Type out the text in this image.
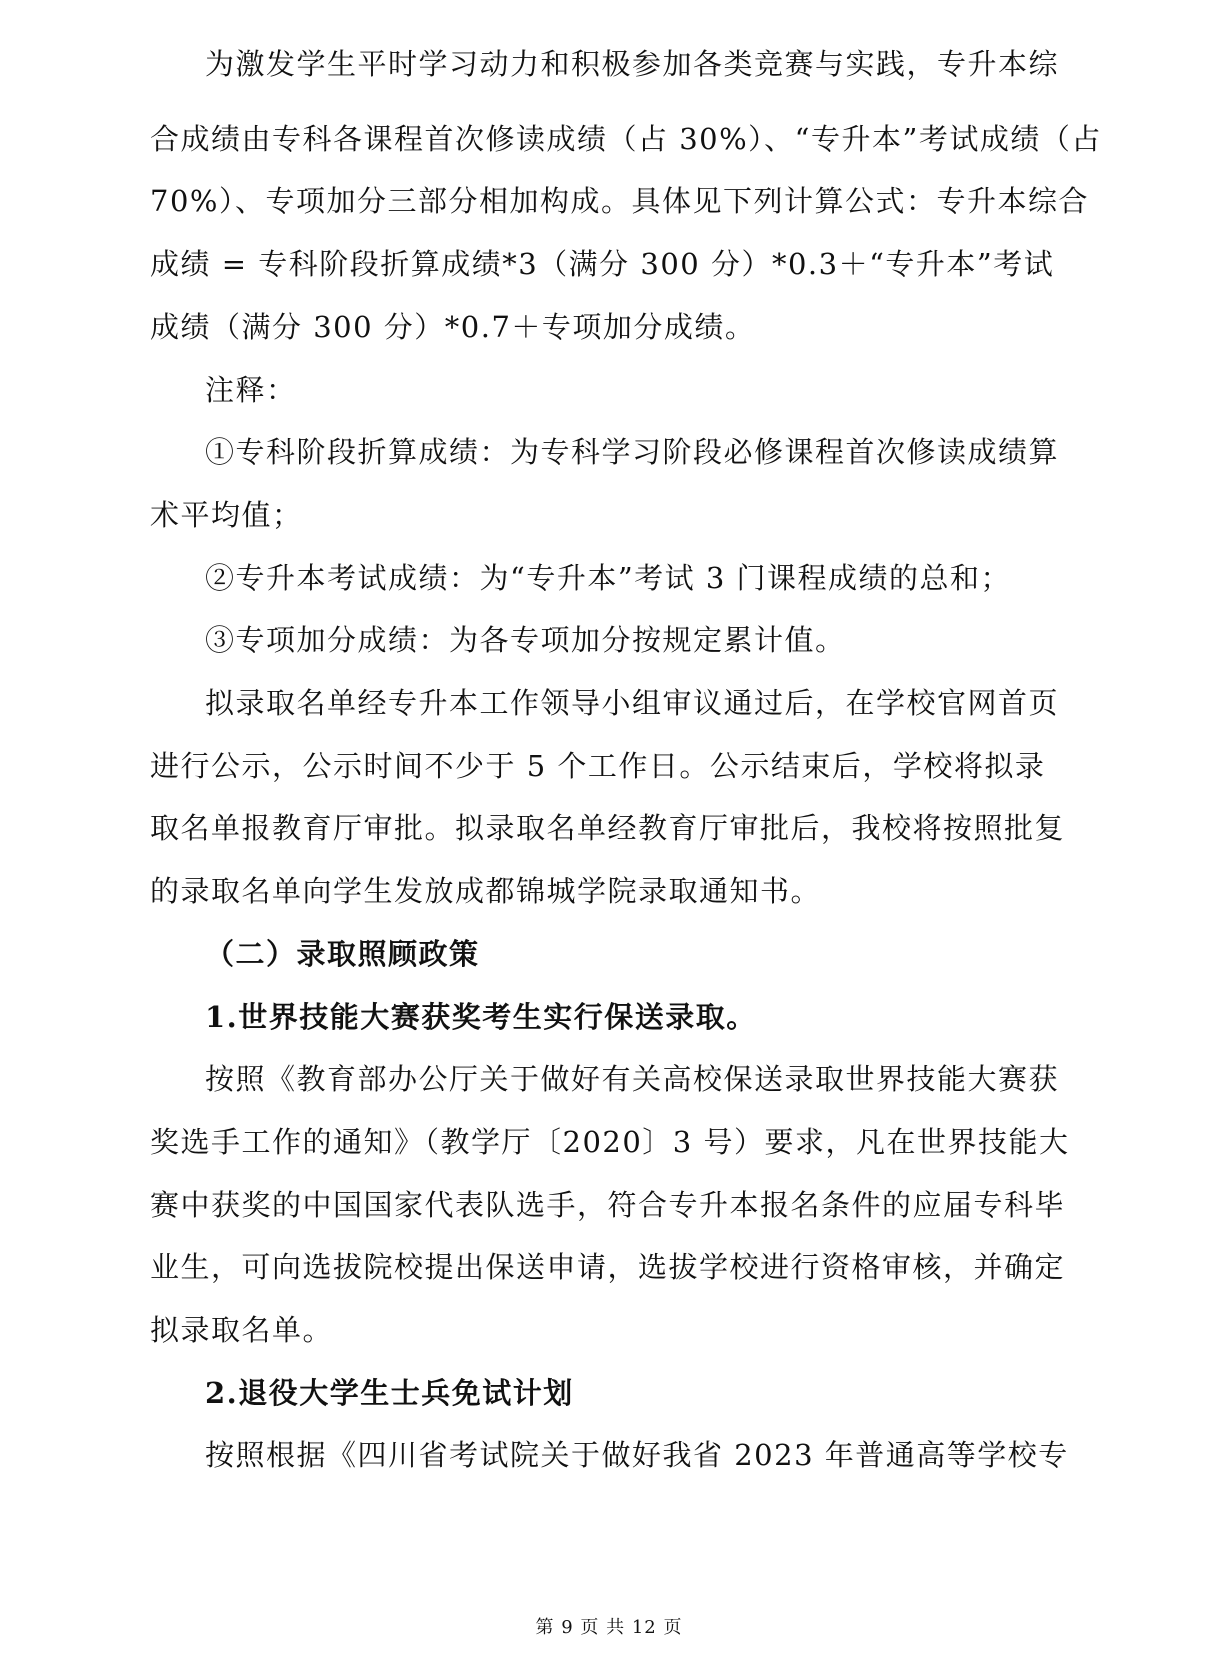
为激发学生平时学习动力和积极参加各类竞赛与实践，专升本综
合成绩由专科各课程首次修读成绩（占 30%）、“专升本”考试成绩（占
70%）、专项加分三部分相加构成。具体见下列计算公式：专升本综合
成绩 = 专科阶段折算成绩*3（满分 300 分）*0.3＋“专升本”考试
成绩（满分 300 分）*0.7＋专项加分成绩。
注释：
①专科阶段折算成绩：为专科学习阶段必修课程首次修读成绩算
术平均值；
②专升本考试成绩：为“专升本”考试 3 门课程成绩的总和；
③专项加分成绩：为各专项加分按规定累计值。
拟录取名单经专升本工作领导小组审议通过后，在学校官网首页
进行公示，公示时间不少于 5 个工作日。公示结束后，学校将拟录
取名单报教育厅审批。拟录取名单经教育厅审批后，我校将按照批复
的录取名单向学生发放成都锦城学院录取通知书。
（二）录取照顾政策
1.世界技能大赛获奖考生实行保送录取。
按照《教育部办公厅关于做好有关高校保送录取世界技能大赛获
奖选手工作的通知》（教学厅〔2020〕3 号）要求，凡在世界技能大
赛中获奖的中国国家代表队选手，符合专升本报名条件的应届专科毕
业生，可向选拔院校提出保送申请，选拔学校进行资格审核，并确定
拟录取名单。
2.退役大学生士兵免试计划
按照根据《四川省考试院关于做好我省 2023 年普通高等学校专
第 9 页 共 12 页
